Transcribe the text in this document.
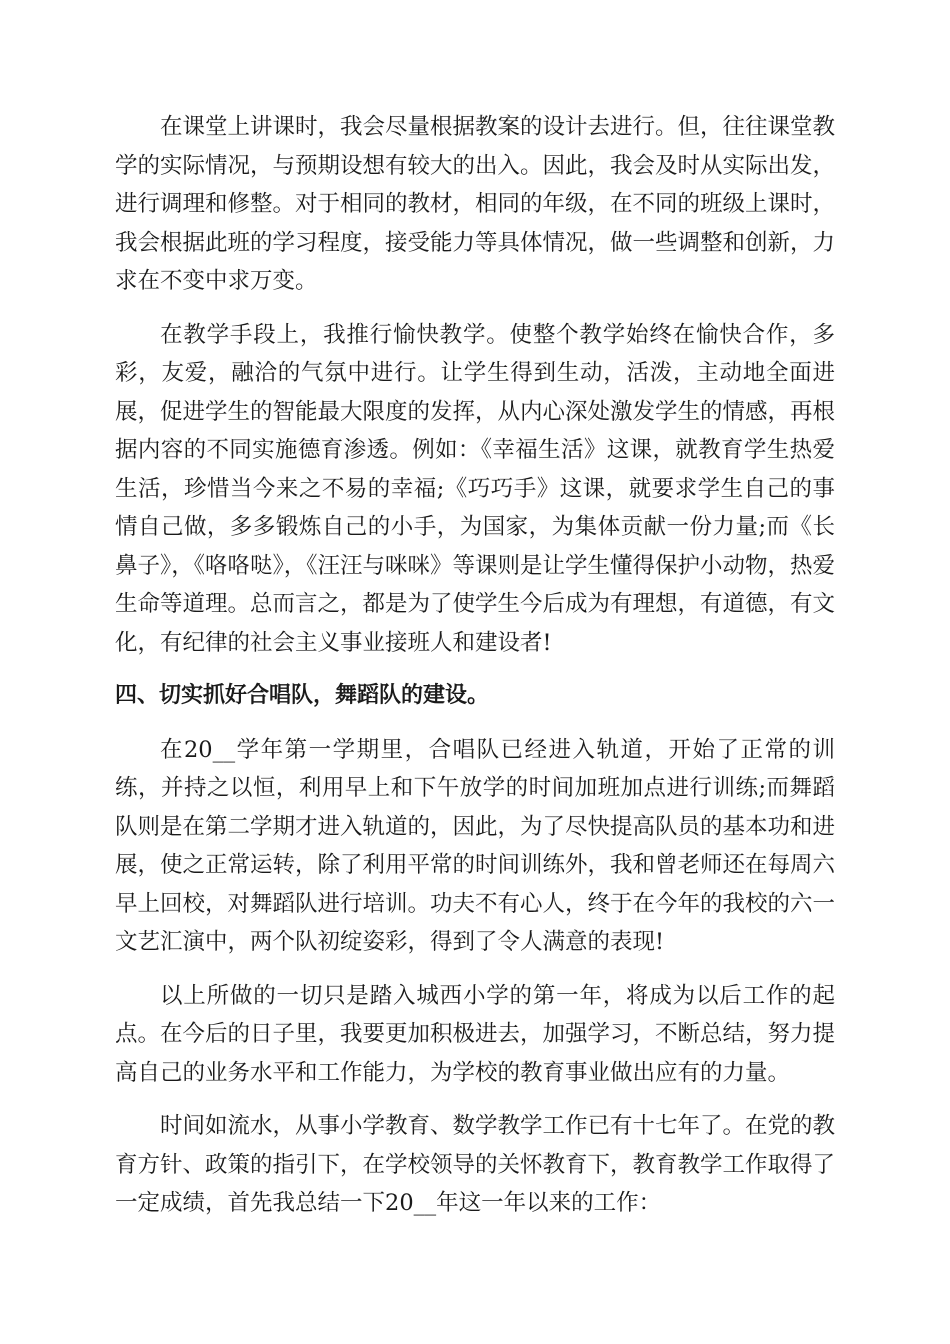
在课堂上讲课时，我会尽量根据教案的设计去进行。但，往往课堂教学的实际情况，与预期设想有较大的出入。因此，我会及时从实际出发，进行调理和修整。对于相同的教材，相同的年级，在不同的班级上课时，我会根据此班的学习程度，接受能力等具体情况，做一些调整和创新，力求在不变中求万变。

在教学手段上，我推行愉快教学。使整个教学始终在愉快合作，多彩，友爱，融洽的气氛中进行。让学生得到生动，活泼，主动地全面进展，促进学生的智能最大限度的发挥，从内心深处激发学生的情感，再根据内容的不同实施德育渗透。例如：《幸福生活》这课，就教育学生热爱生活，珍惜当今来之不易的幸福;《巧巧手》这课，就要求学生自己的事情自己做，多多锻炼自己的小手，为国家，为集体贡献一份力量;而《长鼻子》，《咯咯哒》，《汪汪与咪咪》等课则是让学生懂得保护小动物，热爱生命等道理。总而言之，都是为了使学生今后成为有理想，有道德，有文化，有纪律的社会主义事业接班人和建设者!

四、切实抓好合唱队，舞蹈队的建设。

在20__学年第一学期里，合唱队已经进入轨道，开始了正常的训练，并持之以恒，利用早上和下午放学的时间加班加点进行训练;而舞蹈队则是在第二学期才进入轨道的，因此，为了尽快提高队员的基本功和进展，使之正常运转，除了利用平常的时间训练外，我和曾老师还在每周六早上回校，对舞蹈队进行培训。功夫不有心人，终于在今年的我校的六一文艺汇演中，两个队初绽姿彩，得到了令人满意的表现!

以上所做的一切只是踏入城西小学的第一年，将成为以后工作的起点。在今后的日子里，我要更加积极进去，加强学习，不断总结，努力提高自己的业务水平和工作能力，为学校的教育事业做出应有的力量。

时间如流水，从事小学教育、数学教学工作已有十七年了。在党的教育方针、政策的指引下，在学校领导的关怀教育下，教育教学工作取得了一定成绩，首先我总结一下20__年这一年以来的工作：
